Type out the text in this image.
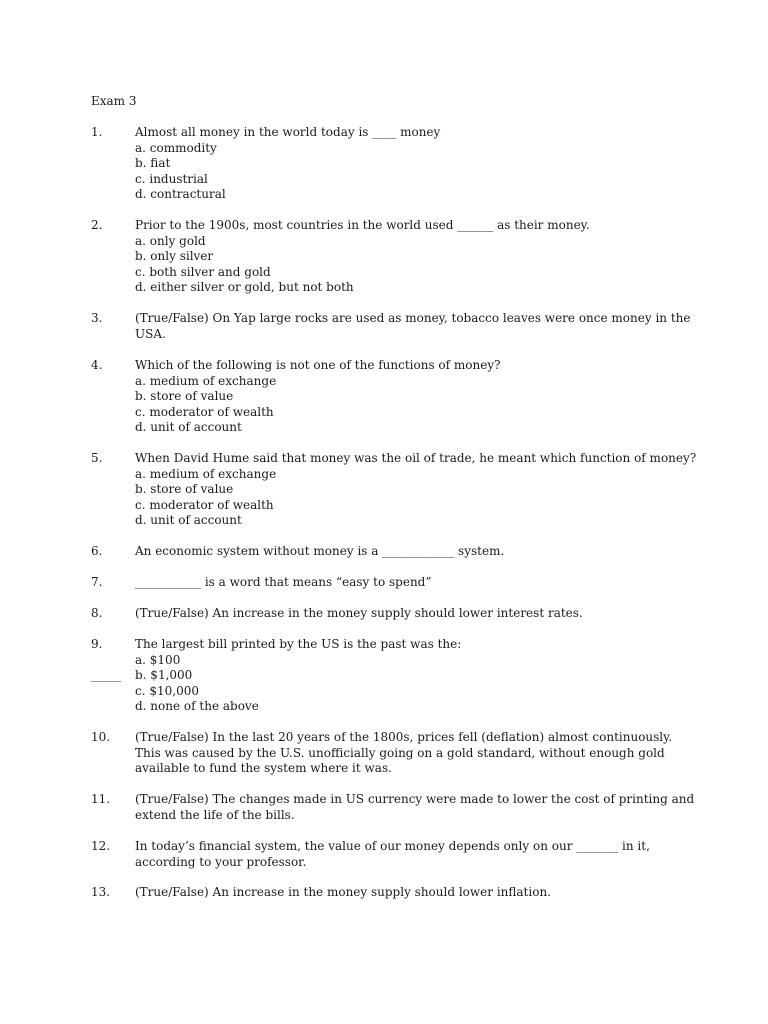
Exam 3
1.	Almost all money in the world today is ____ money
a. commodity
b. fiat
c. industrial
d. contractural
2.	Prior to the 1900s, most countries in the world used ______ as their money.
a. only gold
b. only silver
c. both silver and gold
d. either silver or gold, but not both
3.	(True/False) On Yap large rocks are used as money, tobacco leaves were once money in the
USA.
4.	Which of the following is not one of the functions of money?
a. medium of exchange
b. store of value
c. moderator of wealth
d. unit of account
5.	When David Hume said that money was the oil of trade, he meant which function of money?
a. medium of exchange
b. store of value
c. moderator of wealth
d. unit of account
6.	An economic system without money is a ____________ system.
7.	___________ is a word that means “easy to spend”
8.	(True/False) An increase in the money supply should lower interest rates.
9.
_____
The largest bill printed by the US is the past was the:
a. $100
b. $1,000
c. $10,000
d. none of the above
10. (True/False) In the last 20 years of the 1800s, prices fell (deflation) almost continuously.
This was caused by the U.S. unofficially going on a gold standard, without enough gold
available to fund the system where it was.
11. (True/False) The changes made in US currency were made to lower the cost of printing and
extend the life of the bills.
12. In today’s financial system, the value of our money depends only on our _______ in it,
according to your professor.
13. (True/False) An increase in the money supply should lower inflation.
